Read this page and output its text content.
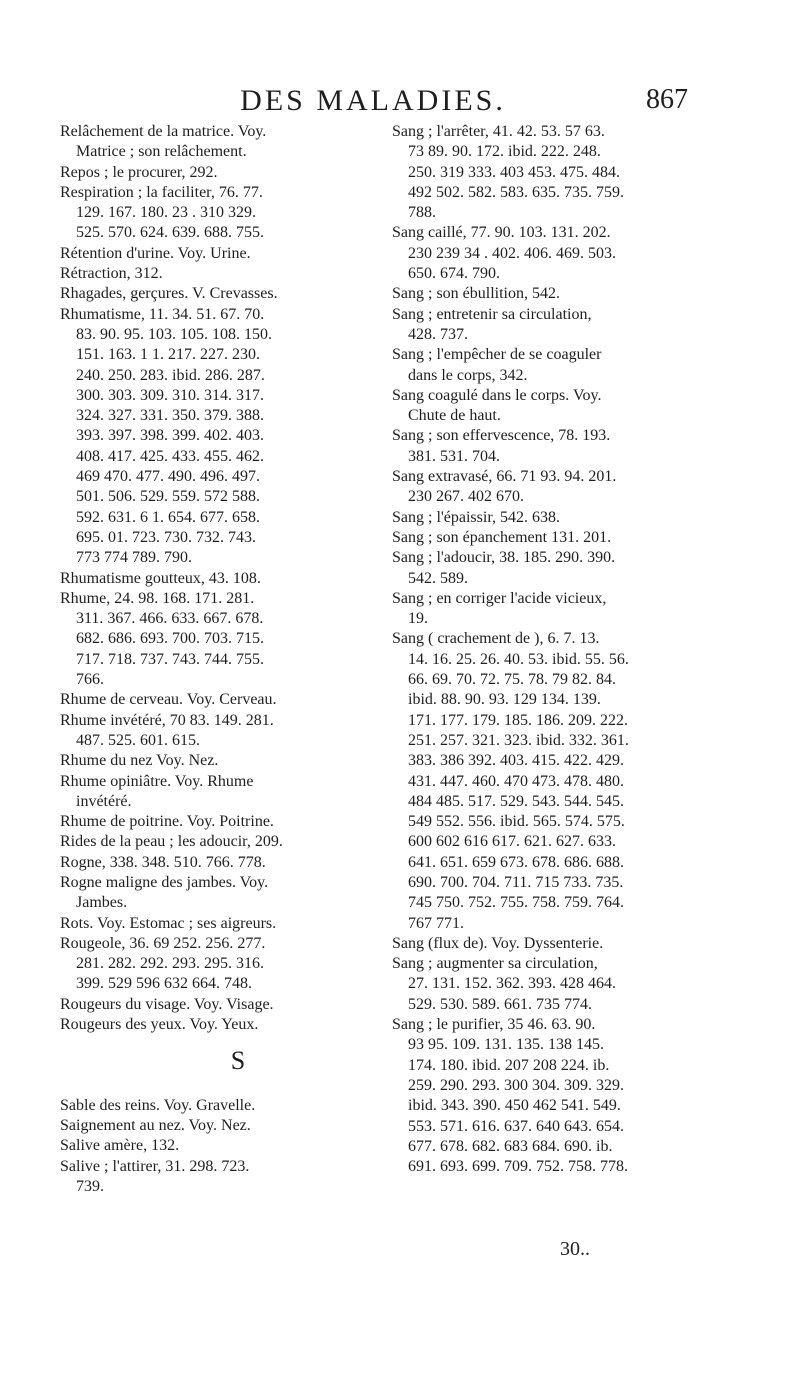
DES MALADIES.	867
Relâchement de la matrice. Voy.
Matrice ; son relâchement.
Repos ; le procurer, 292.
Respiration ; la faciliter, 76. 77.
129. 167. 180. 23 . 310 329.
525. 570. 624. 639. 688. 755.
Rétention d'urine. Voy. Urine.
Rétraction, 312.
Rhagades, gerçures. V. Crevasses.
Rhumatisme, 11. 34. 51. 67. 70.
83. 90. 95. 103. 105. 108. 150.
151. 163. 1 1. 217. 227. 230.
240. 250. 283. ibid. 286. 287.
300. 303. 309. 310. 314. 317.
324. 327. 331. 350. 379. 388.
393. 397. 398. 399. 402. 403.
408. 417. 425. 433. 455. 462.
469 470. 477. 490. 496. 497.
501. 506. 529. 559. 572 588.
592. 631. 6 1. 654. 677. 658.
695. 01. 723. 730. 732. 743.
773 774 789. 790.
Rhumatisme goutteux, 43. 108.
Rhume, 24. 98. 168. 171. 281.
311. 367. 466. 633. 667. 678.
682. 686. 693. 700. 703. 715.
717. 718. 737. 743. 744. 755.
766.
Rhume de cerveau. Voy. Cerveau.
Rhume invétéré, 70 83. 149. 281.
487. 525. 601. 615.
Rhume du nez Voy. Nez.
Rhume opiniâtre. Voy. Rhume
invétéré.
Rhume de poitrine. Voy. Poitrine.
Rides de la peau ; les adoucir, 209.
Rogne, 338. 348. 510. 766. 778.
Rogne maligne des jambes. Voy.
Jambes.
Rots. Voy. Estomac ; ses aigreurs.
Rougeole, 36. 69 252. 256. 277.
281. 282. 292. 293. 295. 316.
399. 529 596 632 664. 748.
Rougeurs du visage. Voy. Visage.
Rougeurs des yeux. Voy. Yeux.
S
Sable des reins. Voy. Gravelle.
Saignement au nez. Voy. Nez.
Salive amère, 132.
Salive ; l'attirer, 31. 298. 723.
739.
Sang ; l'arrêter, 41. 42. 53. 57 63.
73 89. 90. 172. ibid. 222. 248.
250. 319 333. 403 453. 475. 484.
492 502. 582. 583. 635. 735. 759.
788.
Sang caillé, 77. 90. 103. 131. 202.
230 239 34 . 402. 406. 469. 503.
650. 674. 790.
Sang ; son ébullition, 542.
Sang ; entretenir sa circulation,
428. 737.
Sang ; l'empêcher de se coaguler
dans le corps, 342.
Sang coagulé dans le corps. Voy.
Chute de haut.
Sang ; son effervescence, 78. 193.
381. 531. 704.
Sang extravasé, 66. 71 93. 94. 201.
230 267. 402 670.
Sang ; l'épaissir, 542. 638.
Sang ; son épanchement 131. 201.
Sang ; l'adoucir, 38. 185. 290. 390.
542. 589.
Sang ; en corriger l'acide vicieux,
19.
Sang ( crachement de ), 6. 7. 13.
14. 16. 25. 26. 40. 53. ibid. 55. 56.
66. 69. 70. 72. 75. 78. 79 82. 84.
ibid. 88. 90. 93. 129 134. 139.
171. 177. 179. 185. 186. 209. 222.
251. 257. 321. 323. ibid. 332. 361.
383. 386 392. 403. 415. 422. 429.
431. 447. 460. 470 473. 478. 480.
484 485. 517. 529. 543. 544. 545.
549 552. 556. ibid. 565. 574. 575.
600 602 616 617. 621. 627. 633.
641. 651. 659 673. 678. 686. 688.
690. 700. 704. 711. 715 733. 735.
745 750. 752. 755. 758. 759. 764.
767 771.
Sang (flux de). Voy. Dyssenterie.
Sang ; augmenter sa circulation,
27. 131. 152. 362. 393. 428 464.
529. 530. 589. 661. 735 774.
Sang ; le purifier, 35 46. 63. 90.
93 95. 109. 131. 135. 138 145.
174. 180. ibid. 207 208 224. ib.
259. 290. 293. 300 304. 309. 329.
ibid. 343. 390. 450 462 541. 549.
553. 571. 616. 637. 640 643. 654.
677. 678. 682. 683 684. 690. ib.
691. 693. 699. 709. 752. 758. 778.
30..
